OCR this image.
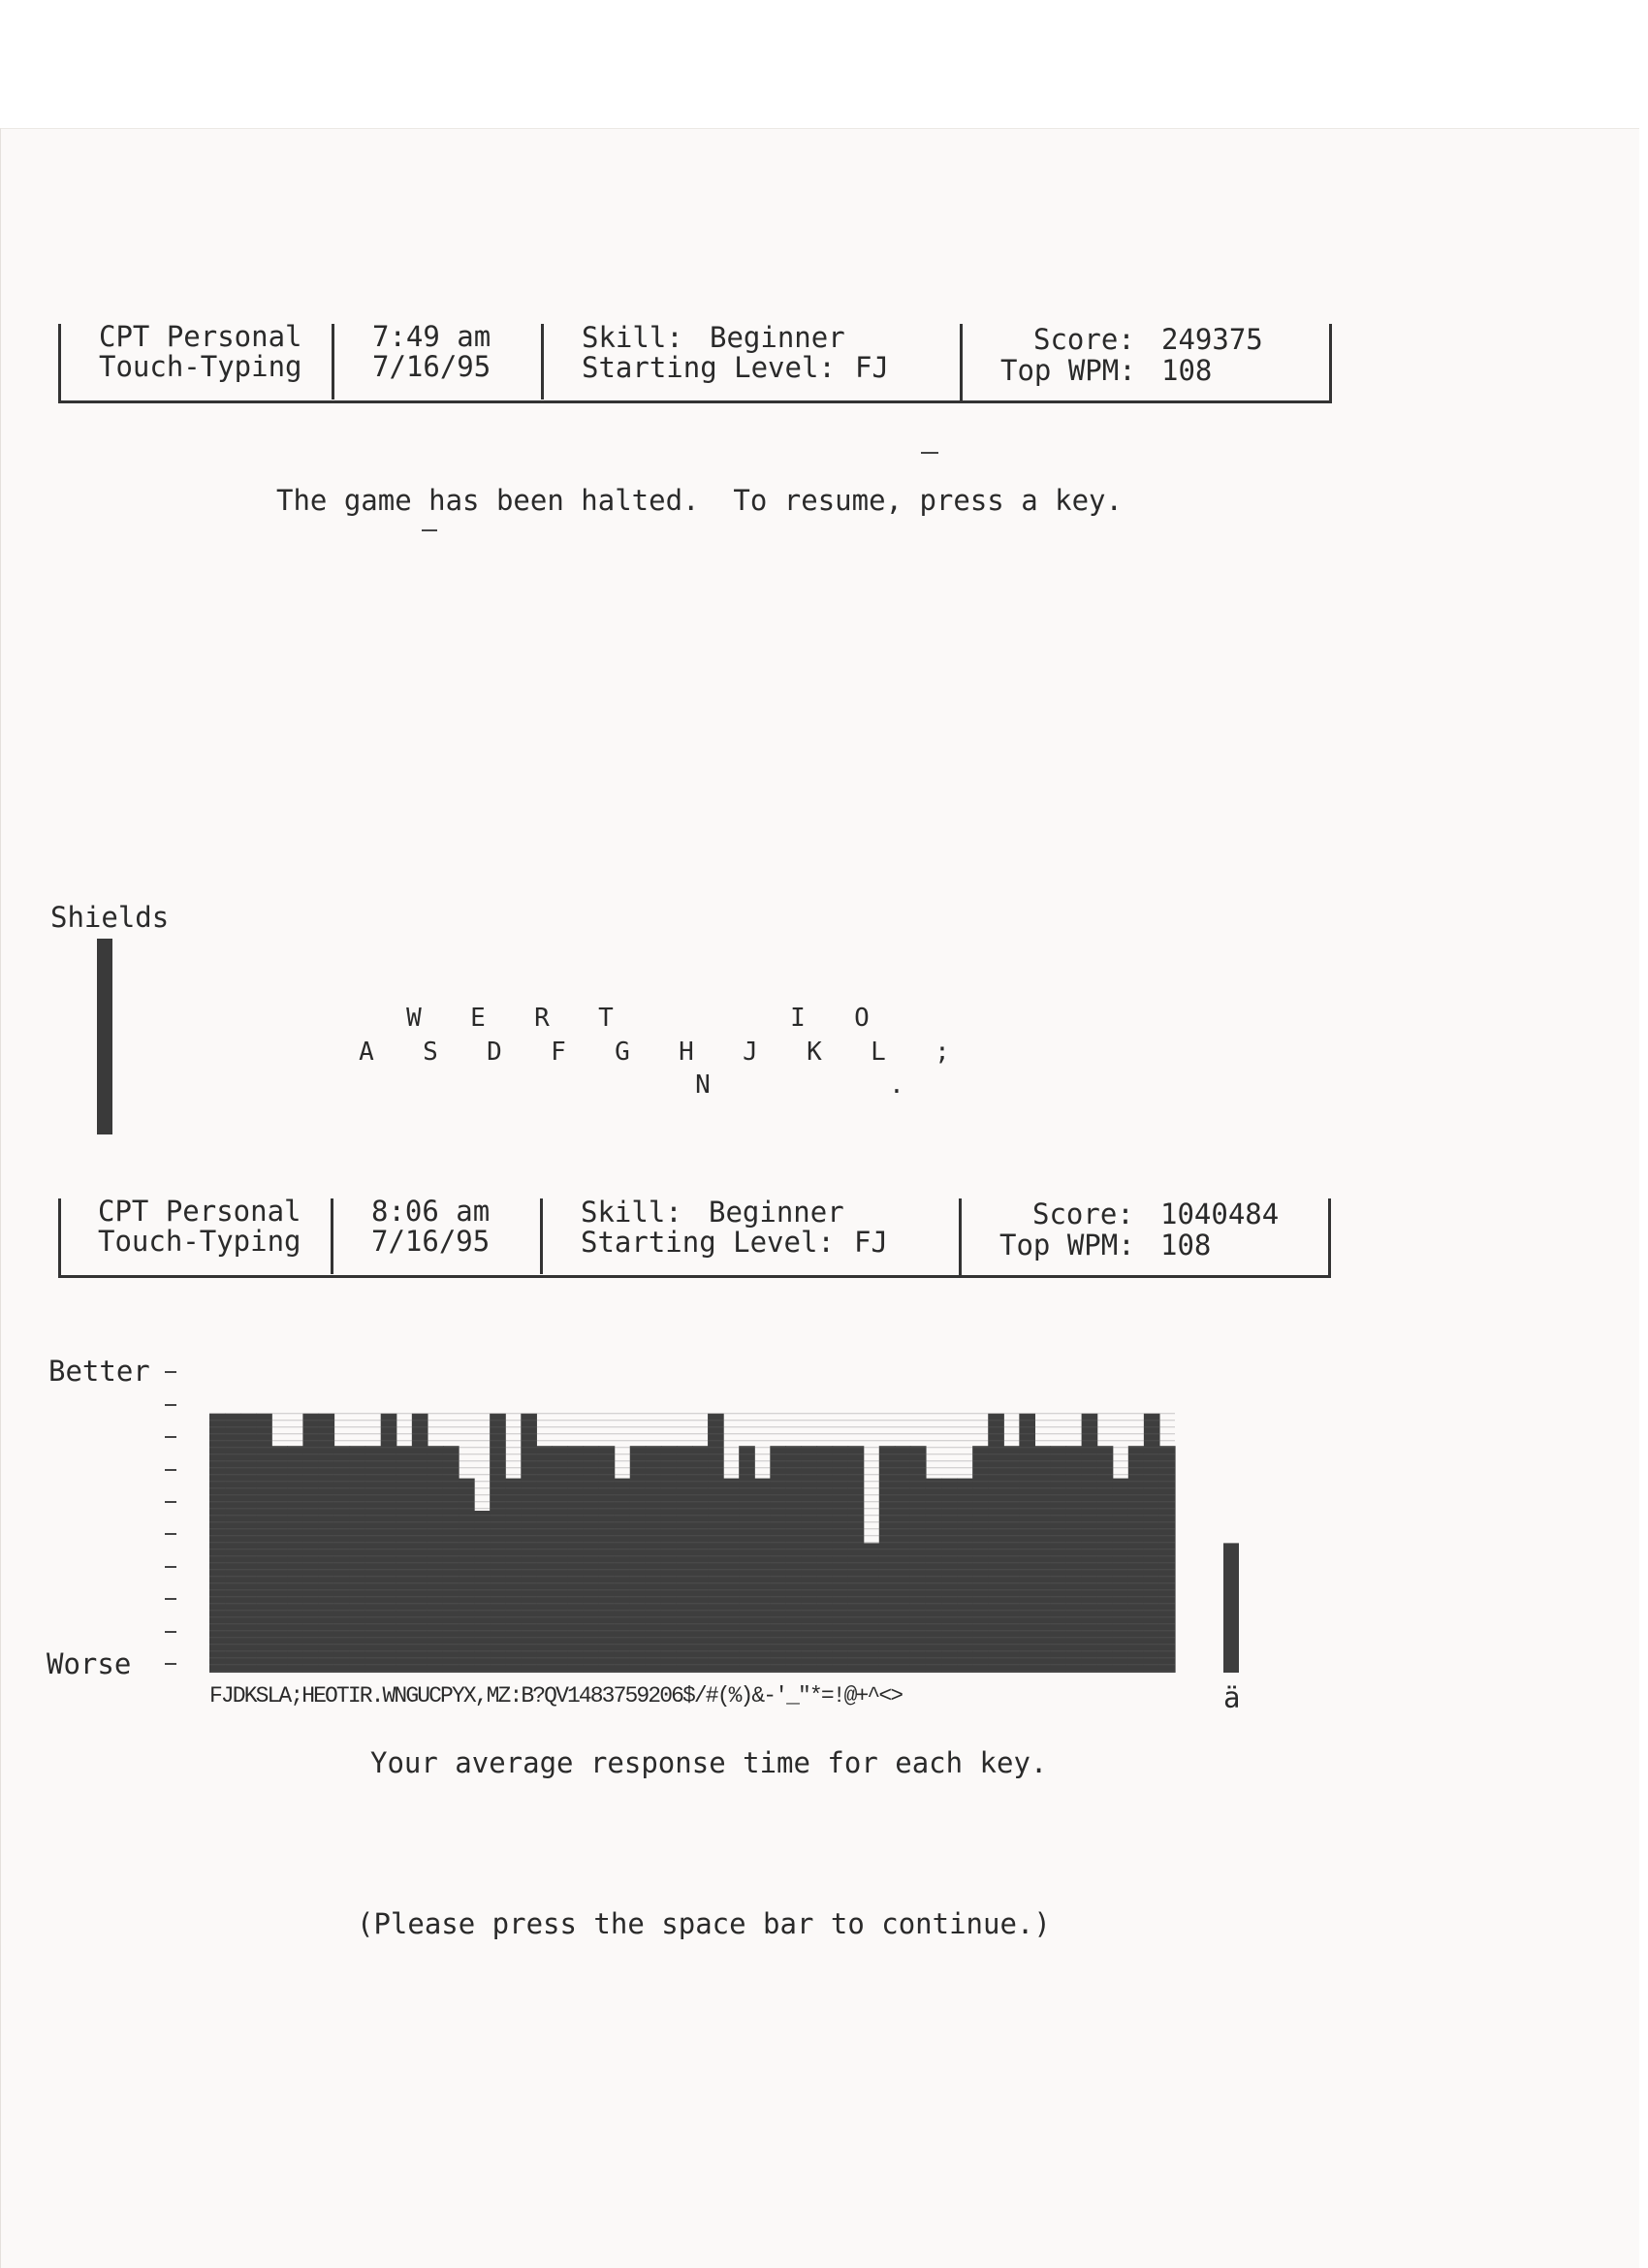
CPT Personal
Touch-Typing
7:49 am
7/16/95
Skill: Beginner
Starting Level: FJ
Score: 249375
Top WPM: 108
The game has been halted.  To resume, press a key.
Shields
W E R T	I O
A S D F G H J K L ;
N	.
CPT Personal
Touch-Typing
8:06 am
7/16/95
Skill: Beginner
Starting Level: FJ
Score: 1040484
Top WPM: 108
Better
Worse
FJDKSLA;HEOTIR.WNGUCPYX,MZ:B?QV1483759206$/#(%)&-'_"*=!@+^<>	ä
Your average response time for each key.
(Please press the space bar to continue.)
